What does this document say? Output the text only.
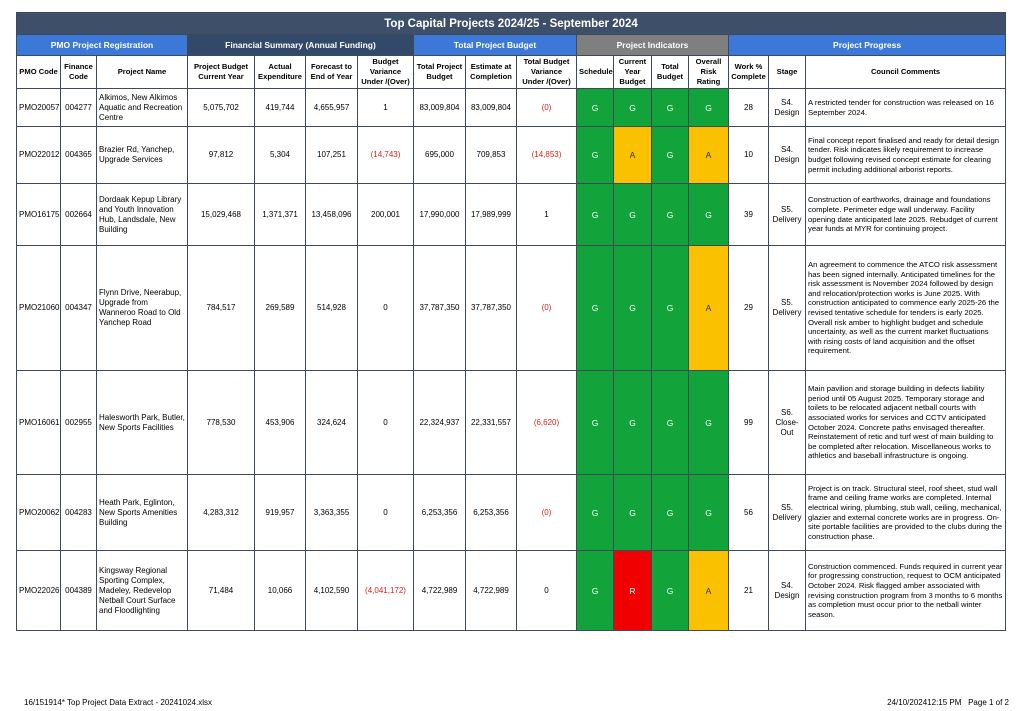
Top Capital Projects 2024/25 - September 2024																
PMO Project Registration			Financial Summary (Annual Funding)				Total Project Budget			Project Indicators				Project Progress		
PMO Code	Finance Code	Project Name	Project Budget Current Year	Actual Expenditure	Forecast to End of Year	Budget Variance Under /(Over)	Total Project Budget	Estimate at Completion	Total Budget Variance Under /(Over)	Schedule	Current Year Budget	Total Budget	Overall Risk Rating	Work % Complete	Stage	Council Comments
PMO20057	004277	Alkimos, New Alkimos Aquatic and Recreation Centre	5,075,702	419,744	4,655,957	1	83,009,804	83,009,804	(0)	G	G	G	G	28	S4. Design	A restricted tender for construction was released on 16 September 2024.
PMO22012	004365	Brazier Rd, Yanchep, Upgrade Services	97,812	5,304	107,251	(14,743)	695,000	709,853	(14,853)	G	A	G	A	10	S4. Design	Final concept report finalised and ready for detail design tender. Risk indicates likely requirement to increase budget following revised concept estimate for clearing permit including additional arborist reports.
PMO16175	002664	Dordaak Kepup Library and Youth Innovation Hub, Landsdale, New Building	15,029,468	1,371,371	13,458,096	200,001	17,990,000	17,989,999	1	G	G	G	G	39	S5. Delivery	Construction of earthworks, drainage and foundations complete. Perimeter edge wall underway. Facility opening date anticipated late 2025. Rebudget of current year funds at MYR for continuing project.
PMO21060	004347	Flynn Drive, Neerabup, Upgrade from Wanneroo Road to Old Yanchep Road	784,517	269,589	514,928	0	37,787,350	37,787,350	(0)	G	G	G	A	29	S5. Delivery	An agreement to commence the ATCO risk assessment has been signed internally. Anticipated timelines for the risk assessment is November 2024 followed by design and relocation/protection works is June 2025. With construction anticipated to commence early 2025-26 the revised tentative schedule for tenders is early 2025. Overall risk amber to highlight budget and schedule uncertainty, as well as the current market fluctuations with rising costs of land acquisition and the offset requirement.
PMO16061	002955	Halesworth Park, Butler, New Sports Facilities	778,530	453,906	324,624	0	22,324,937	22,331,557	(6,620)	G	G	G	G	99	S6. Close-Out	Main pavilion and storage building in defects liability period until 05 August 2025. Temporary storage and toilets to be relocated adjacent netball courts with associated works for services and CCTV anticipated October 2024. Concrete paths envisaged thereafter. Reinstatement of retic and turf west of main building to be completed after relocation. Miscellaneous works to athletics and baseball infrastructure is ongoing.
PMO20062	004283	Heath Park, Eglinton, New Sports Amenities Building	4,283,312	919,957	3,363,355	0	6,253,356	6,253,356	(0)	G	G	G	G	56	S5. Delivery	Project is on track. Structural steel, roof sheet, stud wall frame and ceiling frame works are completed. Internal electrical wiring, plumbing, stub wall, ceiling, mechanical, glazier and external concrete works are in progress. On-site portable facilities are provided to the clubs during the construction phase.
PMO22026	004389	Kingsway Regional Sporting Complex, Madeley, Redevelop Netball Court Surface and Floodlighting	71,484	10,066	4,102,590	(4,041,172)	4,722,989	4,722,989	0	G	R	G	A	21	S4. Design	Construction commenced. Funds required in current year for progressing construction, request to OCM anticipated October 2024. Risk flagged amber associated with revising construction program from 3 months to 6 months as completion must occur prior to the netball winter season.
16/151914* Top Project Data Extract - 20241024.xlsx	24/10/202412:15 PM Page 1 of 2
